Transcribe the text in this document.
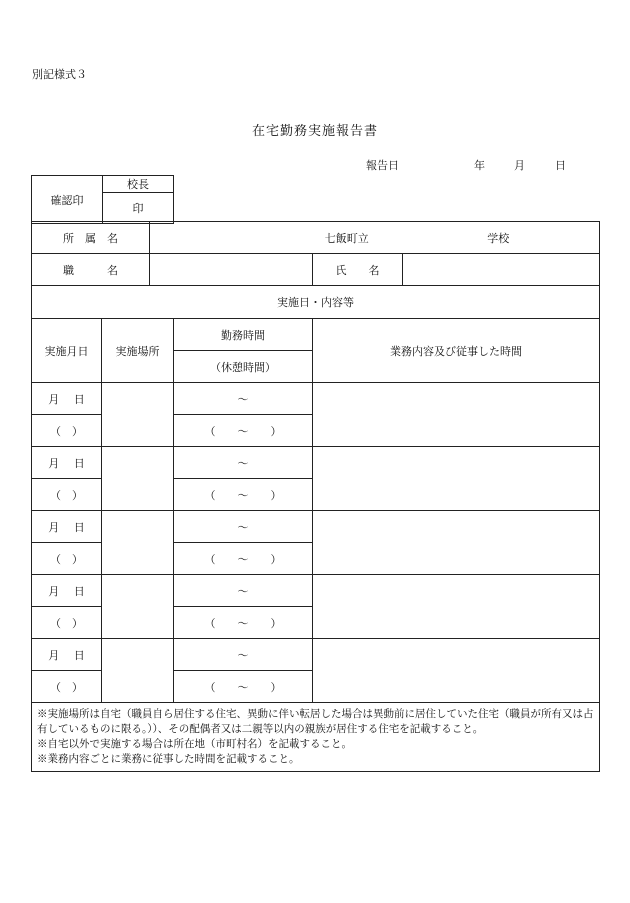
別記様式３
在宅勤務実施報告書
報告日	年	月	日
確認印	校長
印
所　属　名		七飯町立 学校			
職　　　名				氏　　名	
実施日・内容等					
実施月日	実施場所		勤務時間	業務内容及び従事した時間	
			（休憩時間）		
月　 日			〜		
（　）			（　　〜　　）		
月　 日			〜		
（　）			（　　〜　　）		
月　 日			〜		
（　）			（　　〜　　）		
月　 日			〜		
（　）			（　　〜　　）		
月　 日			〜		
（　）			（　　〜　　）		

※実施場所は自宅（職員自ら居住する住宅、異動に伴い転居した場合は異動前に居住していた住宅（職員が所有又は占有しているものに限る。））、その配偶者又は二親等以内の親族が居住する住宅を記載すること。
※自宅以外で実施する場合は所在地（市町村名）を記載すること。
※業務内容ごとに業務に従事した時間を記載すること。					
